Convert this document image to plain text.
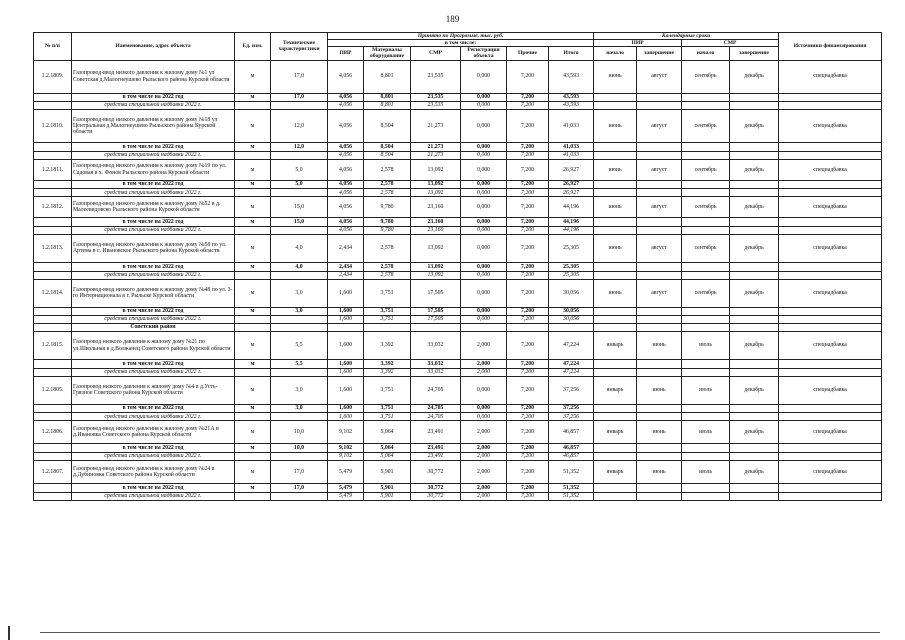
189
№ п/п	Наименование, адрес объекта	Ед. изм.	Технические характеристики	Принято по Программе, тыс. руб.						Календарные сроки				Источники финансирования
				в том числе:						ПИР		СМР		
				ПИР	Материалы оборудование	СМР	Регистрация объекта	Прочие	Итого	начало	завершение	начало	завершение	
1.2.1809.	Газопровод-ввод низкого давления к жилому дому №1 ул Советская д.Малогнеушево Рыльского района Курской области	м	17,0	4,056	8,801	23,535	0,000	7,200	43,593	июнь	август	сентябрь	декабрь	спецнадбавка
	в том числе на 2022 год	м	17,0	4,056	8,801	23,535	0,000	7,200	43,593					
	средства специальной надбавки 2022 г.			4,056	8,801	23,535	0,000	7,200	43,593					
1.2.1810.	Газопровод-ввод низкого давления к жилому дому №18 ул Центральная д.Малогнеушево Рыльского района Курской области	м	12,0	4,056	8,504	21,273	0,000	7,200	41,033	июнь	август	сентябрь	декабрь	спецнадбавка
	в том числе на 2022 год	м	12,0	4,056	8,504	21,273	0,000	7,200	41,033					
	средства специальной надбавки 2022 г.			4,056	8,504	21,273	0,000	7,200	41,033					
1.2.1811.	Газопровод-ввод низкого давления к жилому дому №19 по ул. Садовая в х. Фонов Рыльского района Курской области	м	5,0	4,056	2,578	13,092	0,000	7,200	26,927	июнь	август	сентябрь	декабрь	спецнадбавка
	в том числе на 2022 год	м	5,0	4,056	2,578	13,092	0,000	7,200	26,927					
	средства специальной надбавки 2022 г.			4,056	2,578	13,092	0,000	7,200	26,927					
1.2.1812.	Газопровод-ввод низкого давления к жилому дому №52 в д. Малеевидовско Рыльского района Курской области	м	15,0	4,056	9,780	23,160	0,000	7,200	44,196	июнь	август	сентябрь	декабрь	спецнадбавка
	в том числе на 2022 год	м	15,0	4,056	9,780	23,160	0,000	7,200	44,196					
	средства специальной надбавки 2022 г.			4,056	9,780	23,160	0,000	7,200	44,196					
1.2.1813.	Газопровод-ввод низкого давления к жилому дому №58 по ул. Артема в с. Ивановское Рыльского района Курской области	м	4,0	2,434	2,578	13,092	0,000	7,200	25,305	июнь	август	сентябрь	декабрь	спецнадбавка
	в том числе на 2022 год	м	4,0	2,434	2,578	13,092	0,000	7,200	25,305					
	средства специальной надбавки 2022 г.			2,434	2,578	13,092	0,000	7,200	25,305					
1.2.1814.	Газопровод-ввод низкого давления к жилому дому №48 по ул. 3-го Интернационала в г. Рыльске Курской области	м	3,0	1,600	3,751	17,505	0,000	7,200	30,056	июнь	август	сентябрь	декабрь	спецнадбавка
	в том числе на 2022 год	м	3,0	1,600	3,751	17,505	0,000	7,200	30,056					
	средства специальной надбавки 2022 г.			1,600	3,751	17,505	0,000	7,200	30,056					
	Советский район													
1.2.1815.	Газопровод низкого давления к жилому дому №21 по ул.Школьная в д.Волжанец Советского района Курской области	м	5,5	1,600	3,392	33,032	2,000	7,200	47,224	январь	июнь	июль	декабрь	спецнадбавка
	в том числе на 2022 год	м	5,5	1,600	3,392	33,032	2,000	7,200	47,224					
	средства специальной надбавки 2022 г.			1,600	3,392	33,032	2,000	7,200	47,224					
1.2.1805.	Газопровод низкого давления к жилому дому №4 в д.Усть-Грязное Советского района Курской области	м	3,0	1,600	3,751	24,705	0,000	7,200	37,256	январь	июнь	июль	декабрь	спецнадбавка
	в том числе на 2022 год	м	3,0	1,600	3,751	24,705	0,000	7,200	37,256					
	средства специальной надбавки 2022 г.			1,600	3,751	24,705	0,000	7,200	37,256					
1.2.1806.	Газопровод-ввод низкого давления к жилому дому №21А в д.Ивановка Советского района Курской области	м	10,0	9,102	5,064	23,491	2,000	7,200	46,857	январь	июнь	июль	декабрь	спецнадбавка
	в том числе на 2022 год	м	10,0	9,102	5,064	23,491	2,000	7,200	46,857					
	средства специальной надбавки 2022 г.			9,102	5,064	23,491	2,000	7,200	46,857					
1.2.1807.	Газопровод-ввод низкого давления к жилому дому №24 в д.Дубиновка Советского района Курской области	м	17,0	5,479	5,901	30,772	2,000	7,200	51,352	январь	июнь	июль	декабрь	спецнадбавка
	в том числе на 2022 год	м	17,0	5,479	5,901	30,772	2,000	7,200	51,352					
	средства специальной надбавки 2022 г.			5,479	5,901	30,772	2,000	7,200	51,352					
